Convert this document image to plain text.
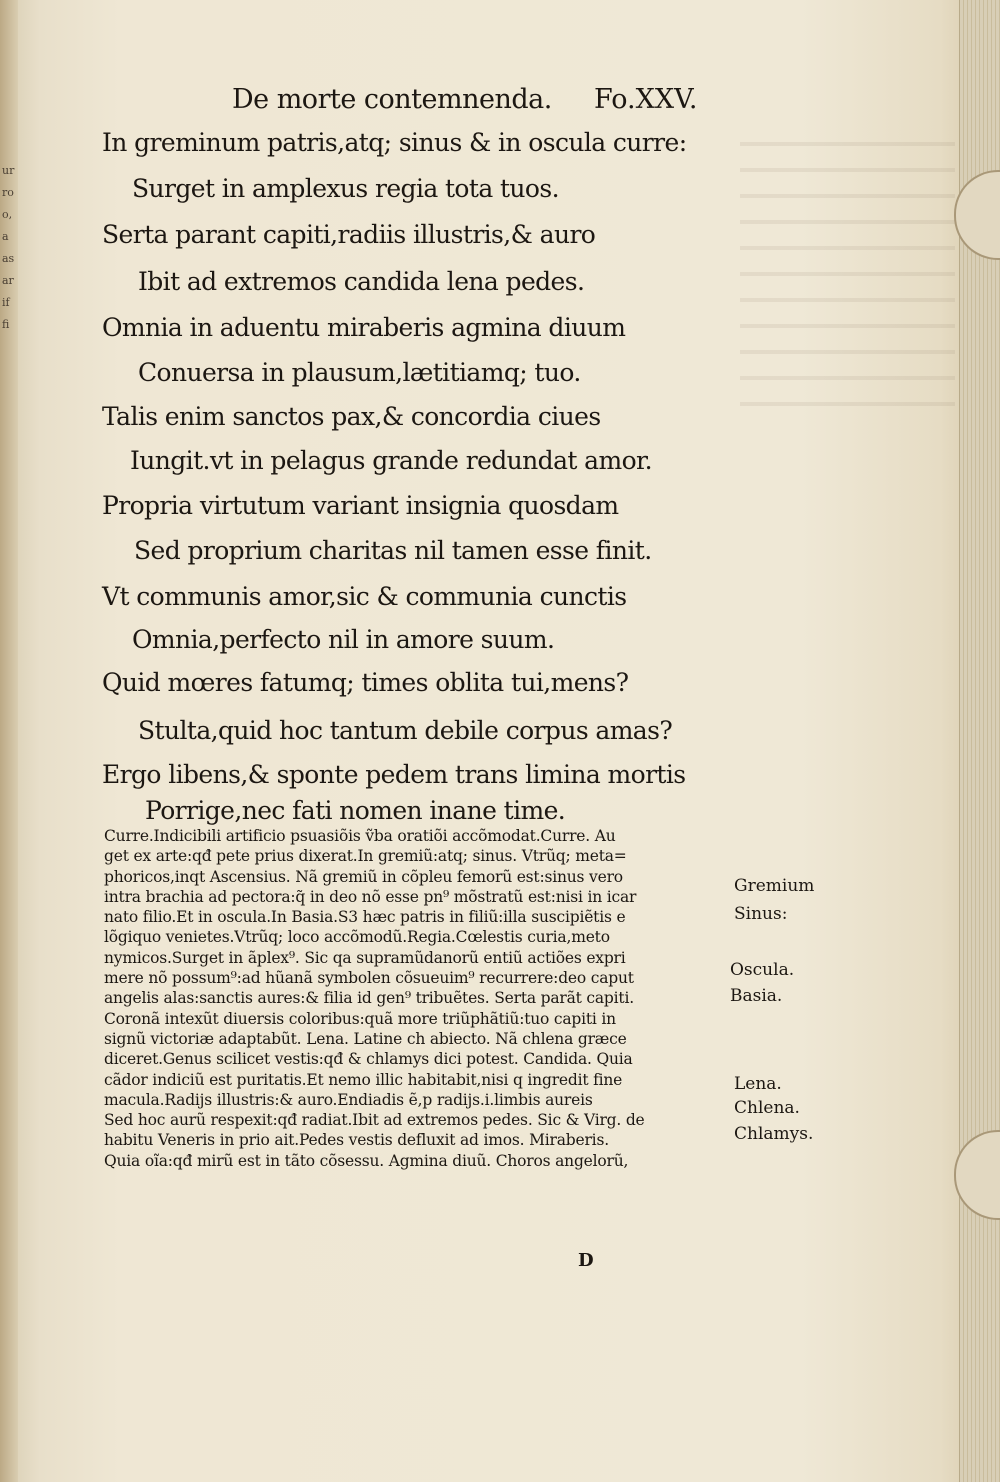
ur ro o, a as ar if fi
De morte contemnenda. Fo.XXV.
In greminum patris,atq; sinus & in oscula curre:
Surget in amplexus regia tota tuos.
Serta parant capiti,radiis illustris,& auro
Ibit ad extremos candida lena pedes.
Omnia in aduentu miraberis agmina diuum
Conuersa in plausum,lætitiamq; tuo.
Talis enim sanctos pax,& concordia ciues
Iungit.vt in pelagus grande redundat amor.
Propria virtutum variant insignia quosdam
Sed proprium charitas nil tamen esse finit.
Vt communis amor,sic & communia cunctis
Omnia,perfecto nil in amore suum.
Quid mœres fatumq; times oblita tui,mens?
Stulta,quid hoc tantum debile corpus amas?
Ergo libens,& sponte pedem trans limina mortis
Porrige,nec fati nomen inane time.
Curre.Indicibili artificio psuasiõis ṽba oratiõi accõmodat.Curre. Au
get ex arte:qđ pete prius dixerat.In gremiũ:atq; sinus. Vtrũq; meta=
phoricos,inqt Ascensius. Nã gremiũ in cõpleu femorũ est:sinus vero
intra brachia ad pectora:q̃ in deo nõ esse pn⁹ mõstratũ est:nisi in icar
nato filio.Et in oscula.In Basia.S3 hæc patris in filiũ:illa suscipiẽtis e
lõgiquo venietes.Vtrũq; loco accõmodũ.Regia.Cœlestis curia,meto
nymicos.Surget in ãplex⁹. Sic qa supramũdanorũ entiũ actiões expri
mere nõ possum⁹:ad hũanã symbolen cõsueuim⁹ recurrere:deo caput
angelis alas:sanctis aures:& filia id gen⁹ tribuẽtes. Serta parãt capiti.
Coronã intexũt diuersis coloribus:quã more triũphãtiũ:tuo capiti in
signũ victoriæ adaptabũt. Lena. Latine ch abiecto. Nã chlena græce
diceret.Genus scilicet vestis:qđ & chlamys dici potest. Candida. Quia
cãdor indiciũ est puritatis.Et nemo illic habitabit,nisi q ingredit fine
macula.Radijs illustris:& auro.Endiadis ẽ,p radijs.i.limbis aureis
Sed hoc aurũ respexit:qđ radiat.Ibit ad extremos pedes. Sic & Virg. de
habitu Veneris in prio ait.Pedes vestis defluxit ad imos. Miraberis.
Quia oĩa:qđ mirũ est in tãto cõsessu. Agmina diuũ. Choros angelorũ,
D
Gremium
Sinus:
Oscula.
Basia.
Lena.
Chlena.
Chlamys.
